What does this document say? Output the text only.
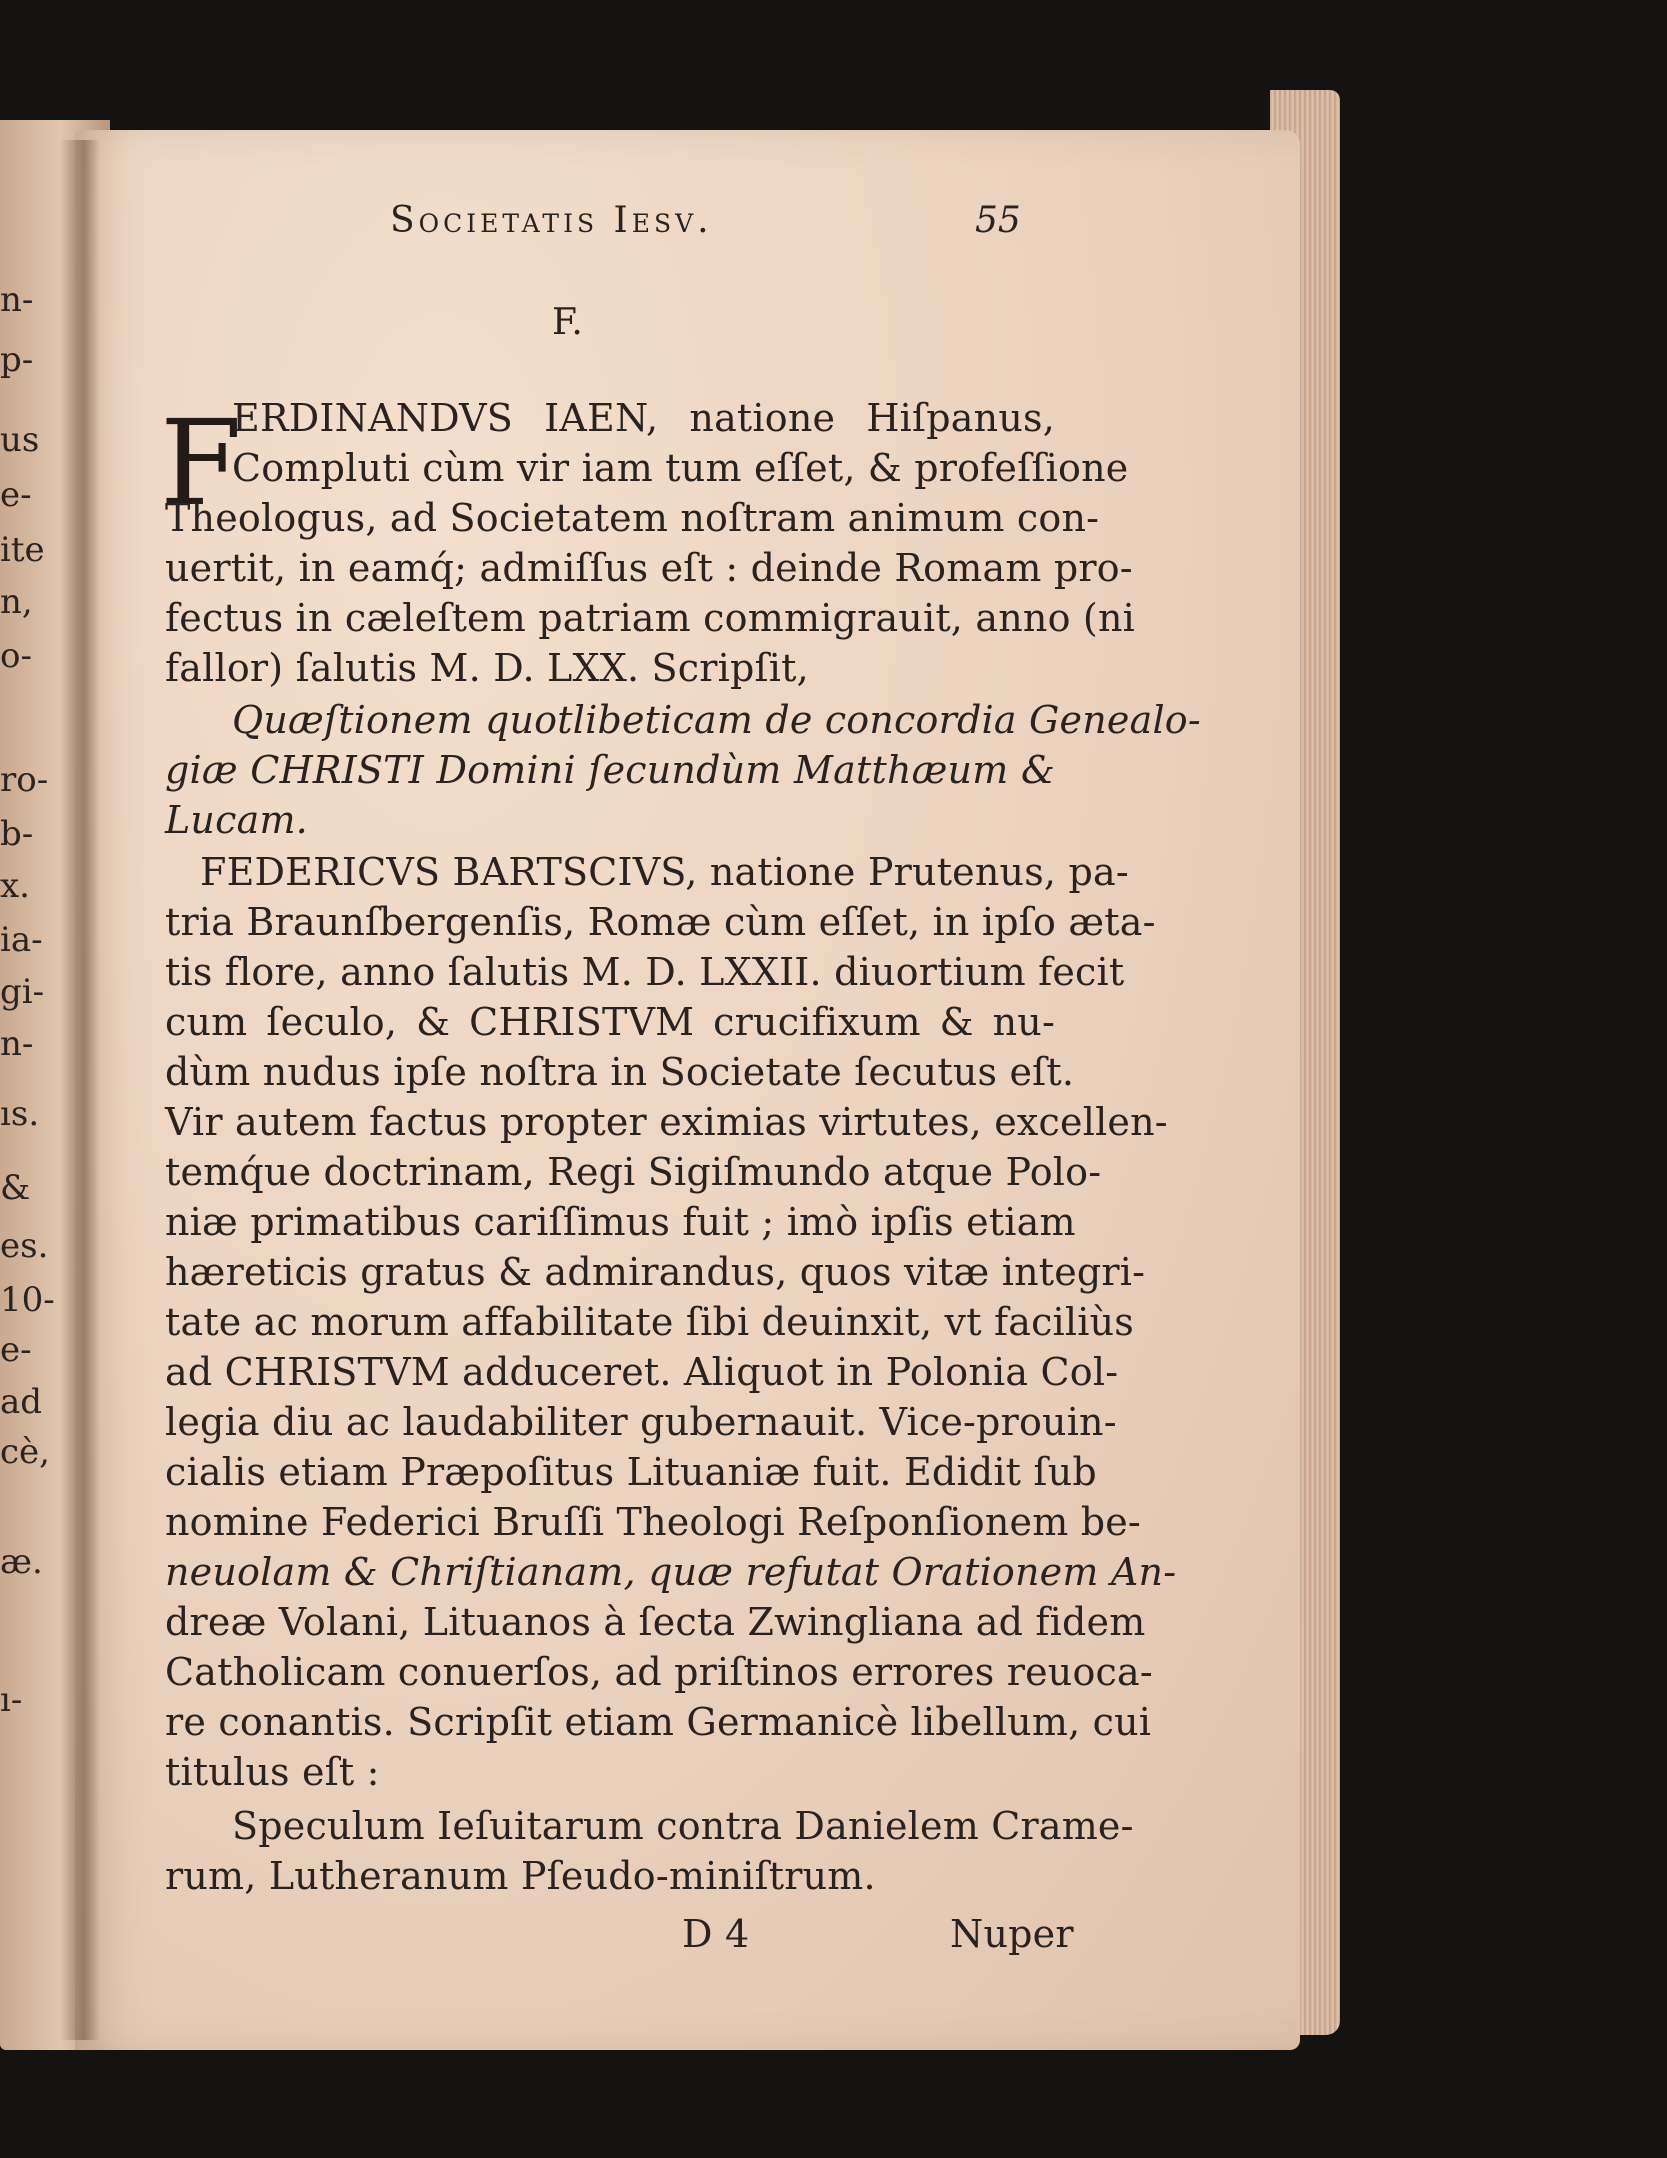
n-
p-
us
e-
ite
n,
o-
ro-
b-
x.
ia-
gi-
n-
ıs.
&
es.
10-
e-
ad
cè,
æ.
ı-
Societatis Iesv.	55
F.
F
ERDINANDVS IAEN, natione Hiſpanus,
Compluti cùm vir iam tum eſſet, & profeſſione
Theologus, ad Societatem noſtram animum con-
uertit, in eamq́; admiſſus eſt : deinde Romam pro-
fectus in cæleſtem patriam commigrauit, anno (ni
fallor) ſalutis M. D. LXX. Scripſit,
Quæſtionem quotlibeticam de concordia Genealo-
giæ CHRISTI Domini ſecundùm Matthæum &
Lucam.
FEDERICVS BARTSCIVS, natione Prutenus, pa-
tria Braunſbergenſis, Romæ cùm eſſet, in ipſo æta-
tis flore, anno ſalutis M. D. LXXII. diuortium fecit
cum ſeculo, & CHRISTVM crucifixum & nu-
dùm nudus ipſe noſtra in Societate ſecutus eſt.
Vir autem factus propter eximias virtutes, excellen-
temq́ue doctrinam, Regi Sigiſmundo atque Polo-
niæ primatibus cariſſimus fuit ; imò ipſis etiam
hæreticis gratus & admirandus, quos vitæ integri-
tate ac morum affabilitate ſibi deuinxit, vt faciliùs
ad CHRISTVM adduceret. Aliquot in Polonia Col-
legia diu ac laudabiliter gubernauit. Vice-prouin-
cialis etiam Præpoſitus Lituaniæ fuit. Edidit ſub
nomine Federici Bruſſi Theologi Reſponſionem be-
neuolam & Chriſtianam, quæ refutat Orationem An-
dreæ Volani, Lituanos à ſecta Zwingliana ad fidem
Catholicam conuerſos, ad priſtinos errores reuoca-
re conantis. Scripſit etiam Germanicè libellum, cui
titulus eſt :
Speculum Ieſuitarum contra Danielem Crame-
rum, Lutheranum Pſeudo-miniſtrum.
D 4	Nuper
